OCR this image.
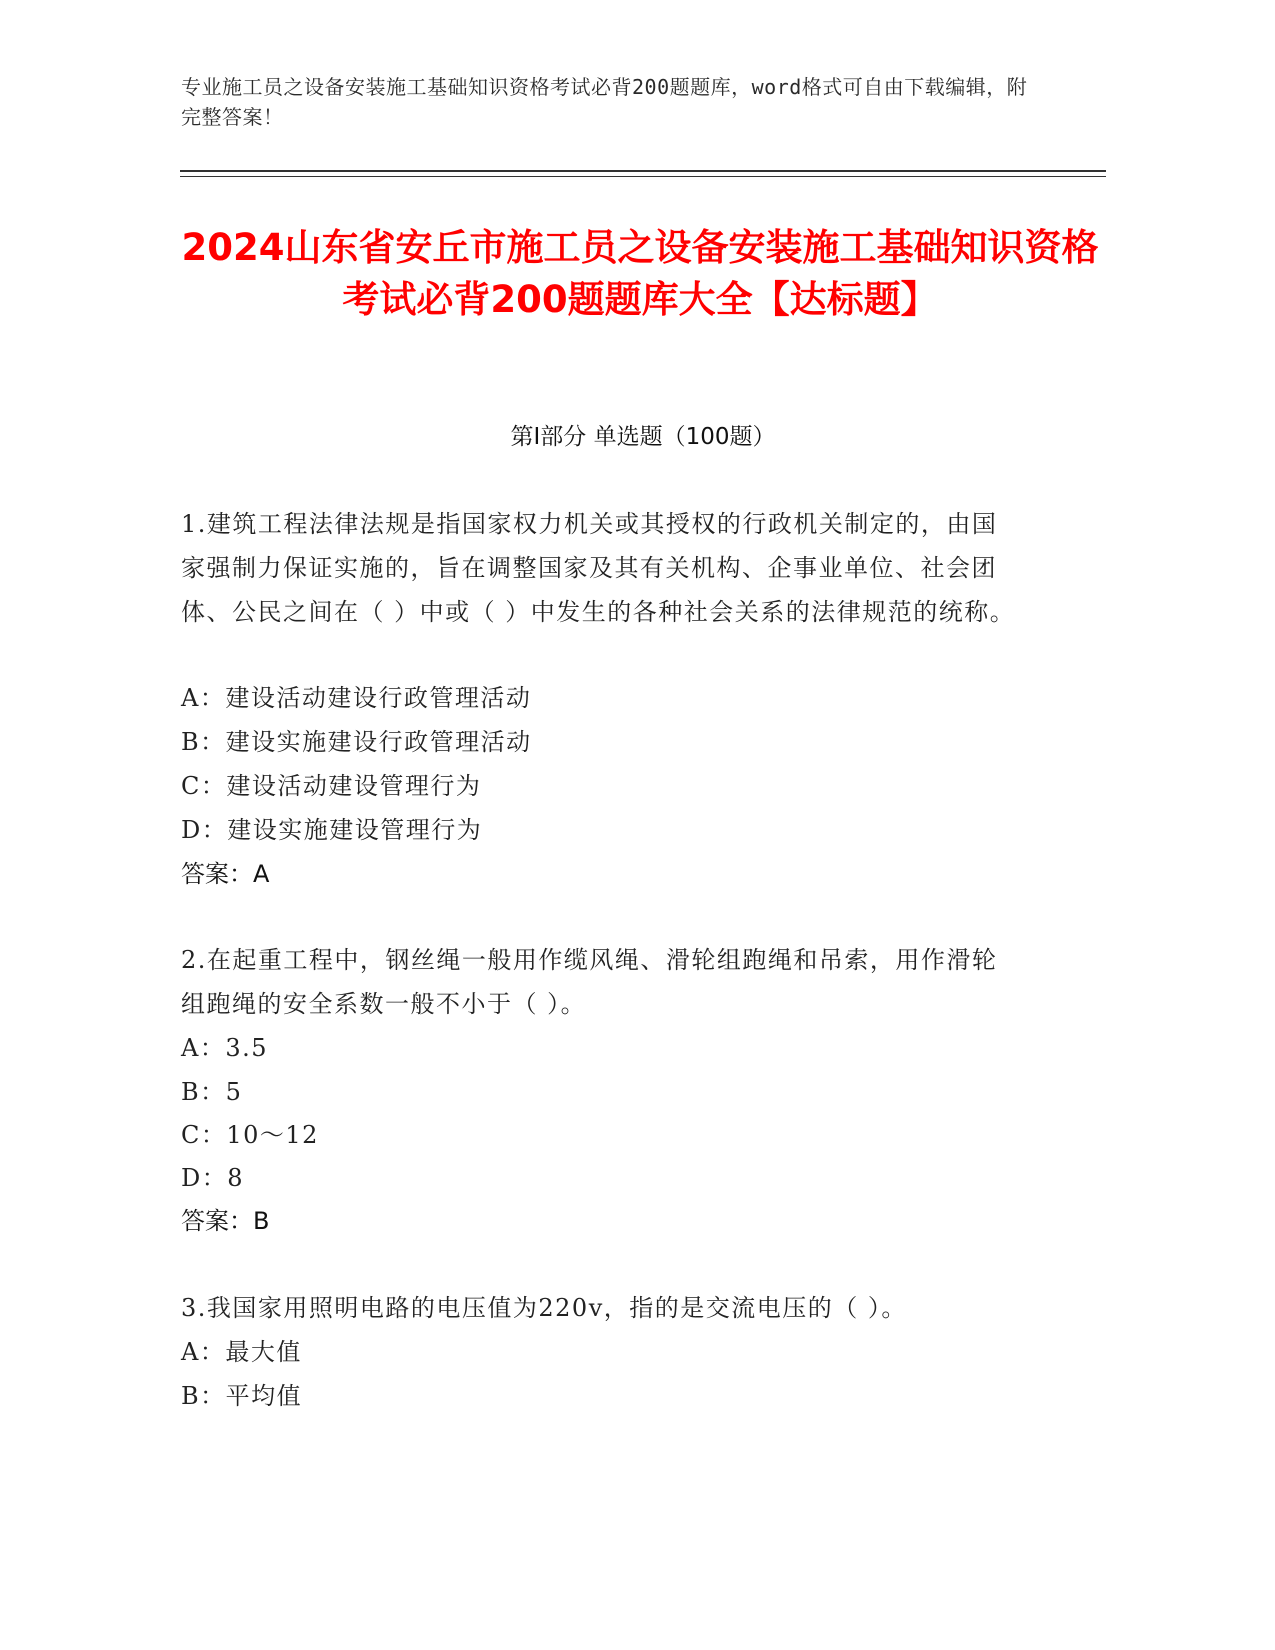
专业施工员之设备安装施工基础知识资格考试必背200题题库，word格式可自由下载编辑，附完整答案！
2024山东省安丘市施工员之设备安装施工基础知识资格考试必背200题题库大全【达标题】
第I部分 单选题（100题）
1.建筑工程法律法规是指国家权力机关或其授权的行政机关制定的，由国家强制力保证实施的，旨在调整国家及其有关机构、企事业单位、社会团体、公民之间在（ ）中或（ ）中发生的各种社会关系的法律规范的统称。
A：建设活动建设行政管理活动
B：建设实施建设行政管理活动
C：建设活动建设管理行为
D：建设实施建设管理行为
答案：A
2.在起重工程中，钢丝绳一般用作缆风绳、滑轮组跑绳和吊索，用作滑轮组跑绳的安全系数一般不小于（ ）。
A：3.5
B：5
C：10～12
D：8
答案：B
3.我国家用照明电路的电压值为220v，指的是交流电压的（ ）。
A：最大值
B：平均值
